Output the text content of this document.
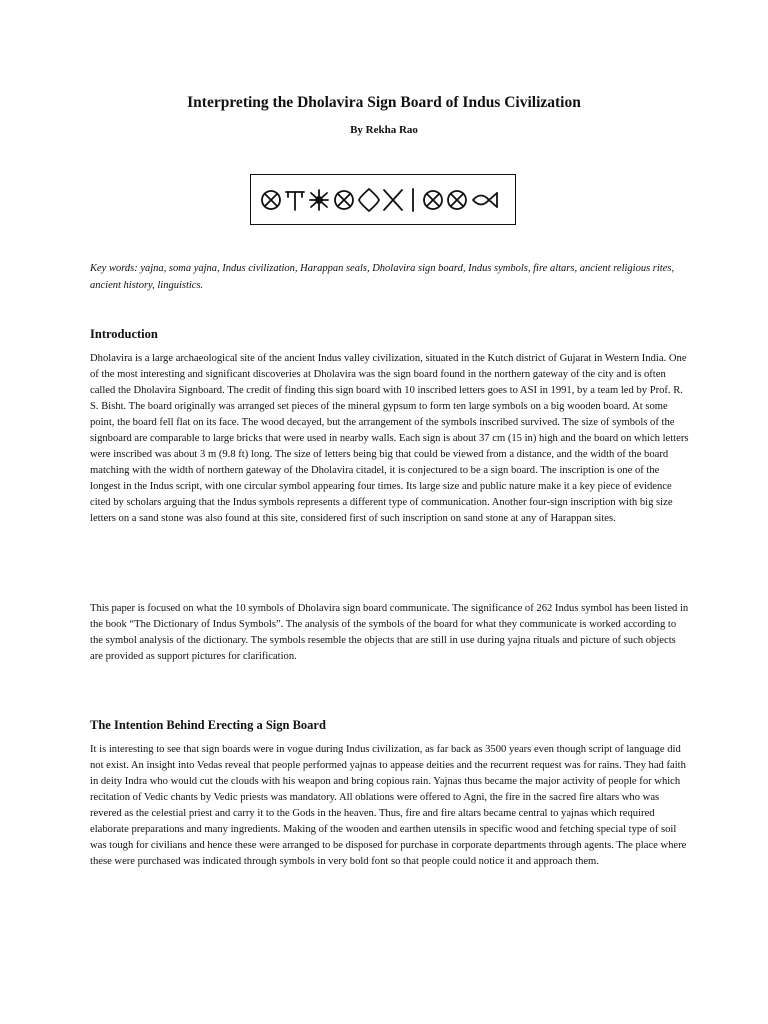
Interpreting the Dholavira Sign Board of Indus Civilization

By Rekha Rao

Key words: yajna, soma yajna, Indus civilization, Harappan seals, Dholavira sign board, Indus symbols, fire altars, ancient religious rites, ancient history, linguistics.

Introduction

Dholavira is a large archaeological site of the ancient Indus valley civilization, situated in the Kutch district of Gujarat in Western India. One of the most interesting and significant discoveries at Dholavira was the sign board found in the northern gateway of the city and is often called the Dholavira Signboard. The credit of finding this sign board with 10 inscribed letters goes to ASI in 1991, by a team led by Prof. R. S. Bisht. The board originally was arranged set pieces of the mineral gypsum to form ten large symbols on a big wooden board. At some point, the board fell flat on its face. The wood decayed, but the arrangement of the symbols inscribed survived. The size of symbols of the signboard are comparable to large bricks that were used in nearby walls. Each sign is about 37 cm (15 in) high and the board on which letters were inscribed was about 3 m (9.8 ft) long. The size of letters being big that could be viewed from a distance, and the width of the board matching with the width of northern gateway of the Dholavira citadel, it is conjectured to be a sign board. The inscription is one of the longest in the Indus script, with one circular symbol appearing four times. Its large size and public nature make it a key piece of evidence cited by scholars arguing that the Indus symbols represents a different type of communication. Another four-sign inscription with big size letters on a sand stone was also found at this site, considered first of such inscription on sand stone at any of Harappan sites.

This paper is focused on what the 10 symbols of Dholavira sign board communicate. The significance of 262 Indus symbol has been listed in the book “The Dictionary of Indus Symbols”. The analysis of the symbols of the board for what they communicate is worked according to the symbol analysis of the dictionary. The symbols resemble the objects that are still in use during yajna rituals and picture of such objects are provided as support pictures for clarification.

The Intention Behind Erecting a Sign Board

It is interesting to see that sign boards were in vogue during Indus civilization, as far back as 3500 years even though script of language did not exist. An insight into Vedas reveal that people performed yajnas to appease deities and the recurrent request was for rains. They had faith in deity Indra who would cut the clouds with his weapon and bring copious rain. Yajnas thus became the major activity of people for which recitation of Vedic chants by Vedic priests was mandatory. All oblations were offered to Agni, the fire in the sacred fire altars who was revered as the celestial priest and carry it to the Gods in the heaven. Thus, fire and fire altars became central to yajnas which required elaborate preparations and many ingredients. Making of the wooden and earthen utensils in specific wood and fetching special type of soil was tough for civilians and hence these were arranged to be disposed for purchase in corporate departments through agents. The place where these were purchased was indicated through symbols in very bold font so that people could notice it and approach them.
